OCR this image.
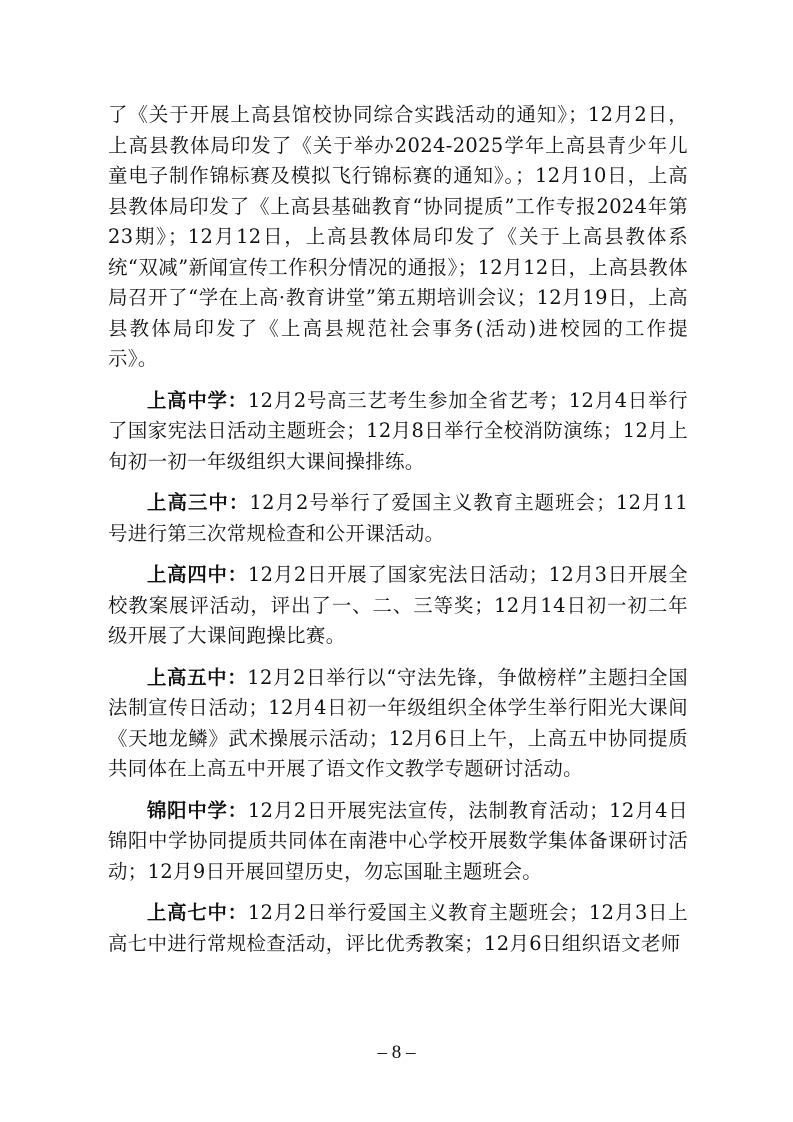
了《关于开展上高县馆校协同综合实践活动的通知》；12月2日，上高县教体局印发了《关于举办2024-2025学年上高县青少年儿童电子制作锦标赛及模拟飞行锦标赛的通知》。；12月10日，上高县教体局印发了《上高县基础教育“协同提质”工作专报2024年第23期》；12月12日，上高县教体局印发了《关于上高县教体系统“双减”新闻宣传工作积分情况的通报》；12月12日，上高县教体局召开了“学在上高·教育讲堂”第五期培训会议；12月19日，上高县教体局印发了《上高县规范社会事务(活动)进校园的工作提示》。

上高中学：12月2号高三艺考生参加全省艺考；12月4日举行了国家宪法日活动主题班会；12月8日举行全校消防演练；12月上旬初一初一年级组织大课间操排练。

上高三中：12月2号举行了爱国主义教育主题班会；12月11号进行第三次常规检查和公开课活动。

上高四中：12月2日开展了国家宪法日活动；12月3日开展全校教案展评活动，评出了一、二、三等奖；12月14日初一初二年级开展了大课间跑操比赛。

上高五中：12月2日举行以“守法先锋，争做榜样”主题扫全国法制宣传日活动；12月4日初一年级组织全体学生举行阳光大课间《天地龙鳞》武术操展示活动；12月6日上午，上高五中协同提质共同体在上高五中开展了语文作文教学专题研讨活动。

锦阳中学：12月2日开展宪法宣传，法制教育活动；12月4日锦阳中学协同提质共同体在南港中心学校开展数学集体备课研讨活动；12月9日开展回望历史，勿忘国耻主题班会。

上高七中：12月2日举行爱国主义教育主题班会；12月3日上高七中进行常规检查活动，评比优秀教案；12月6日组织语文老师

– 8 –
